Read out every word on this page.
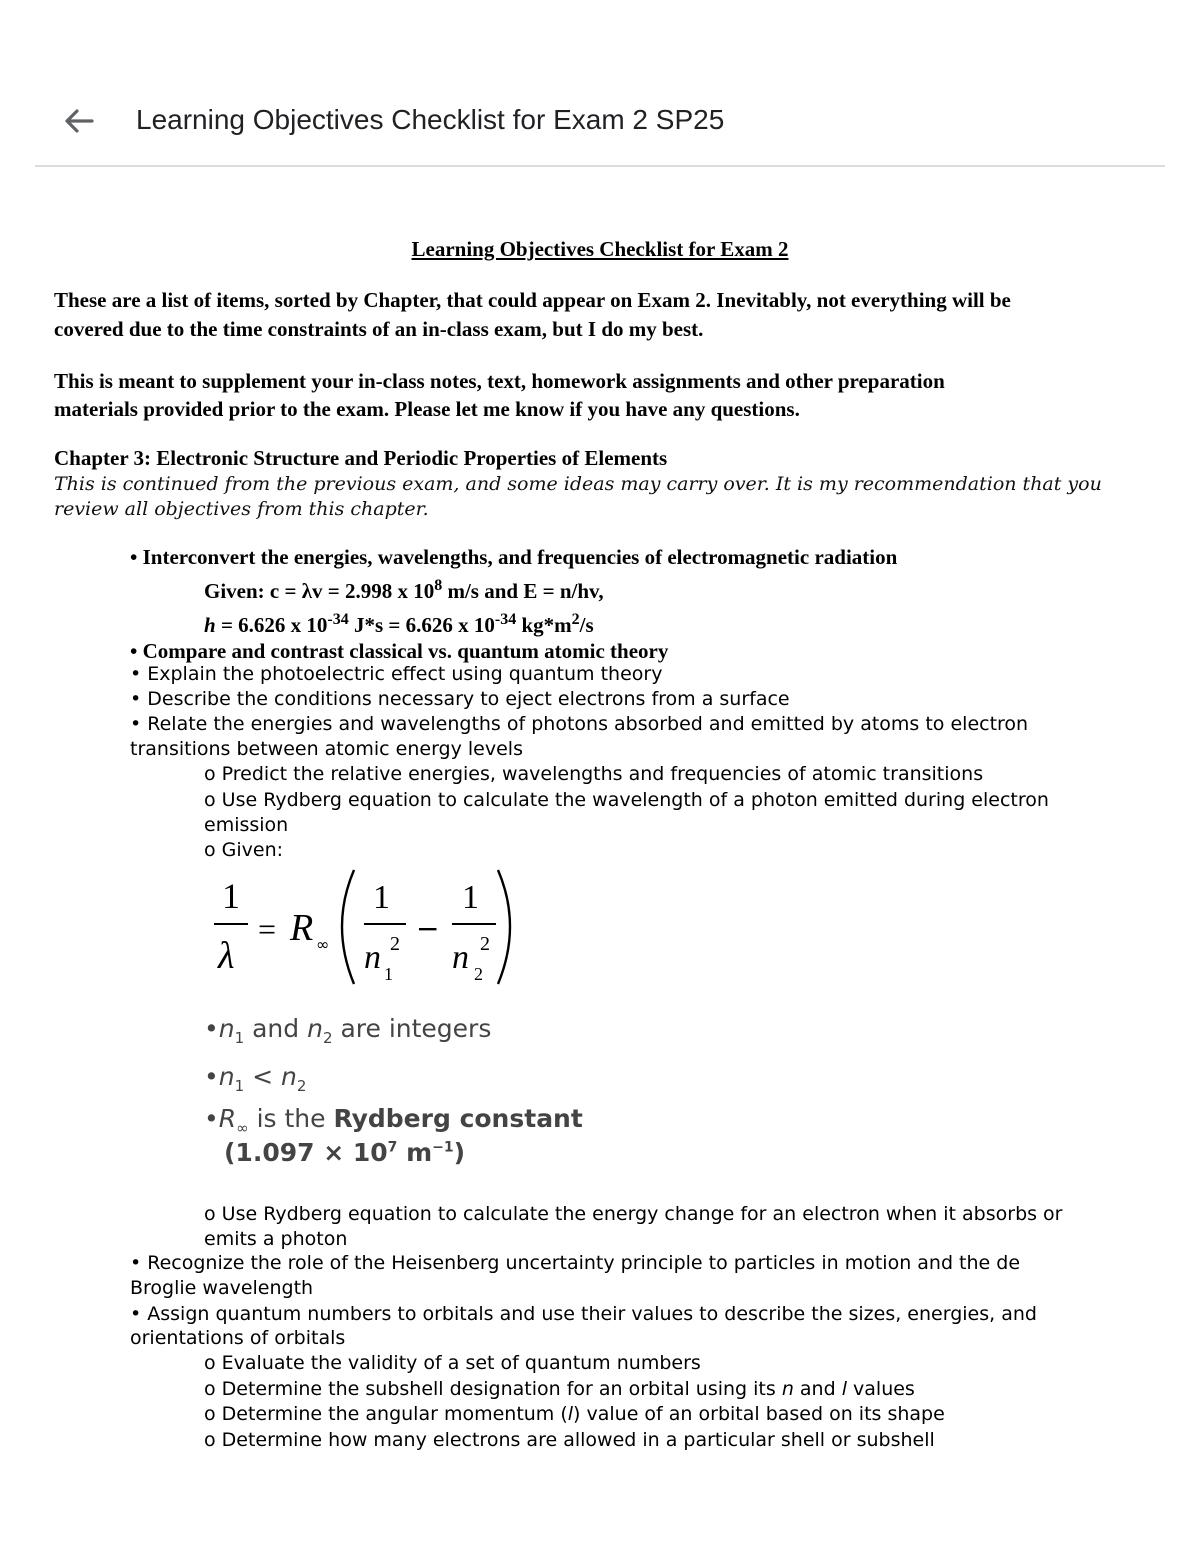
Learning Objectives Checklist for Exam 2 SP25
Learning Objectives Checklist for Exam 2
These are a list of items, sorted by Chapter, that could appear on Exam 2. Inevitably, not everything will be
covered due to the time constraints of an in-class exam, but I do my best.
This is meant to supplement your in-class notes, text, homework assignments and other preparation
materials provided prior to the exam. Please let me know if you have any questions.
Chapter 3: Electronic Structure and Periodic Properties of Elements
This is continued from the previous exam, and some ideas may carry over. It is my recommendation that you
review all objectives from this chapter.
• Interconvert the energies, wavelengths, and frequencies of electromagnetic radiation
Given: c = λv = 2.998 x $10^8$ m/s and E = n/hv,
h = 6.626 x $10^{-34}$ J*s = 6.626 x $10^{-34}$ $kg*m^2/s$
• Compare and contrast classical vs. quantum atomic theory
• Explain the photoelectric effect using quantum theory
• Describe the conditions necessary to eject electrons from a surface
• Relate the energies and wavelengths of photons absorbed and emitted by atoms to electron
transitions between atomic energy levels
o Predict the relative energies, wavelengths and frequencies of atomic transitions
o Use Rydberg equation to calculate the wavelength of a photon emitted during electron
emission
o Given:
1
λ
= R ∞
1
n 1
2 −
1
n 2
2
$•n_1$ and $n_2$ are integers
$•n_1 < n_2$
$•R_\infty$ is the Rydberg constant
($1.097 \times 10^7$ $m^{-1}$)
o Use Rydberg equation to calculate the energy change for an electron when it absorbs or
emits a photon
• Recognize the role of the Heisenberg uncertainty principle to particles in motion and the de
Broglie wavelength
• Assign quantum numbers to orbitals and use their values to describe the sizes, energies, and
orientations of orbitals
o Evaluate the validity of a set of quantum numbers
o Determine the subshell designation for an orbital using its n and l values
o Determine the angular momentum (l) value of an orbital based on its shape
o Determine how many electrons are allowed in a particular shell or subshell
